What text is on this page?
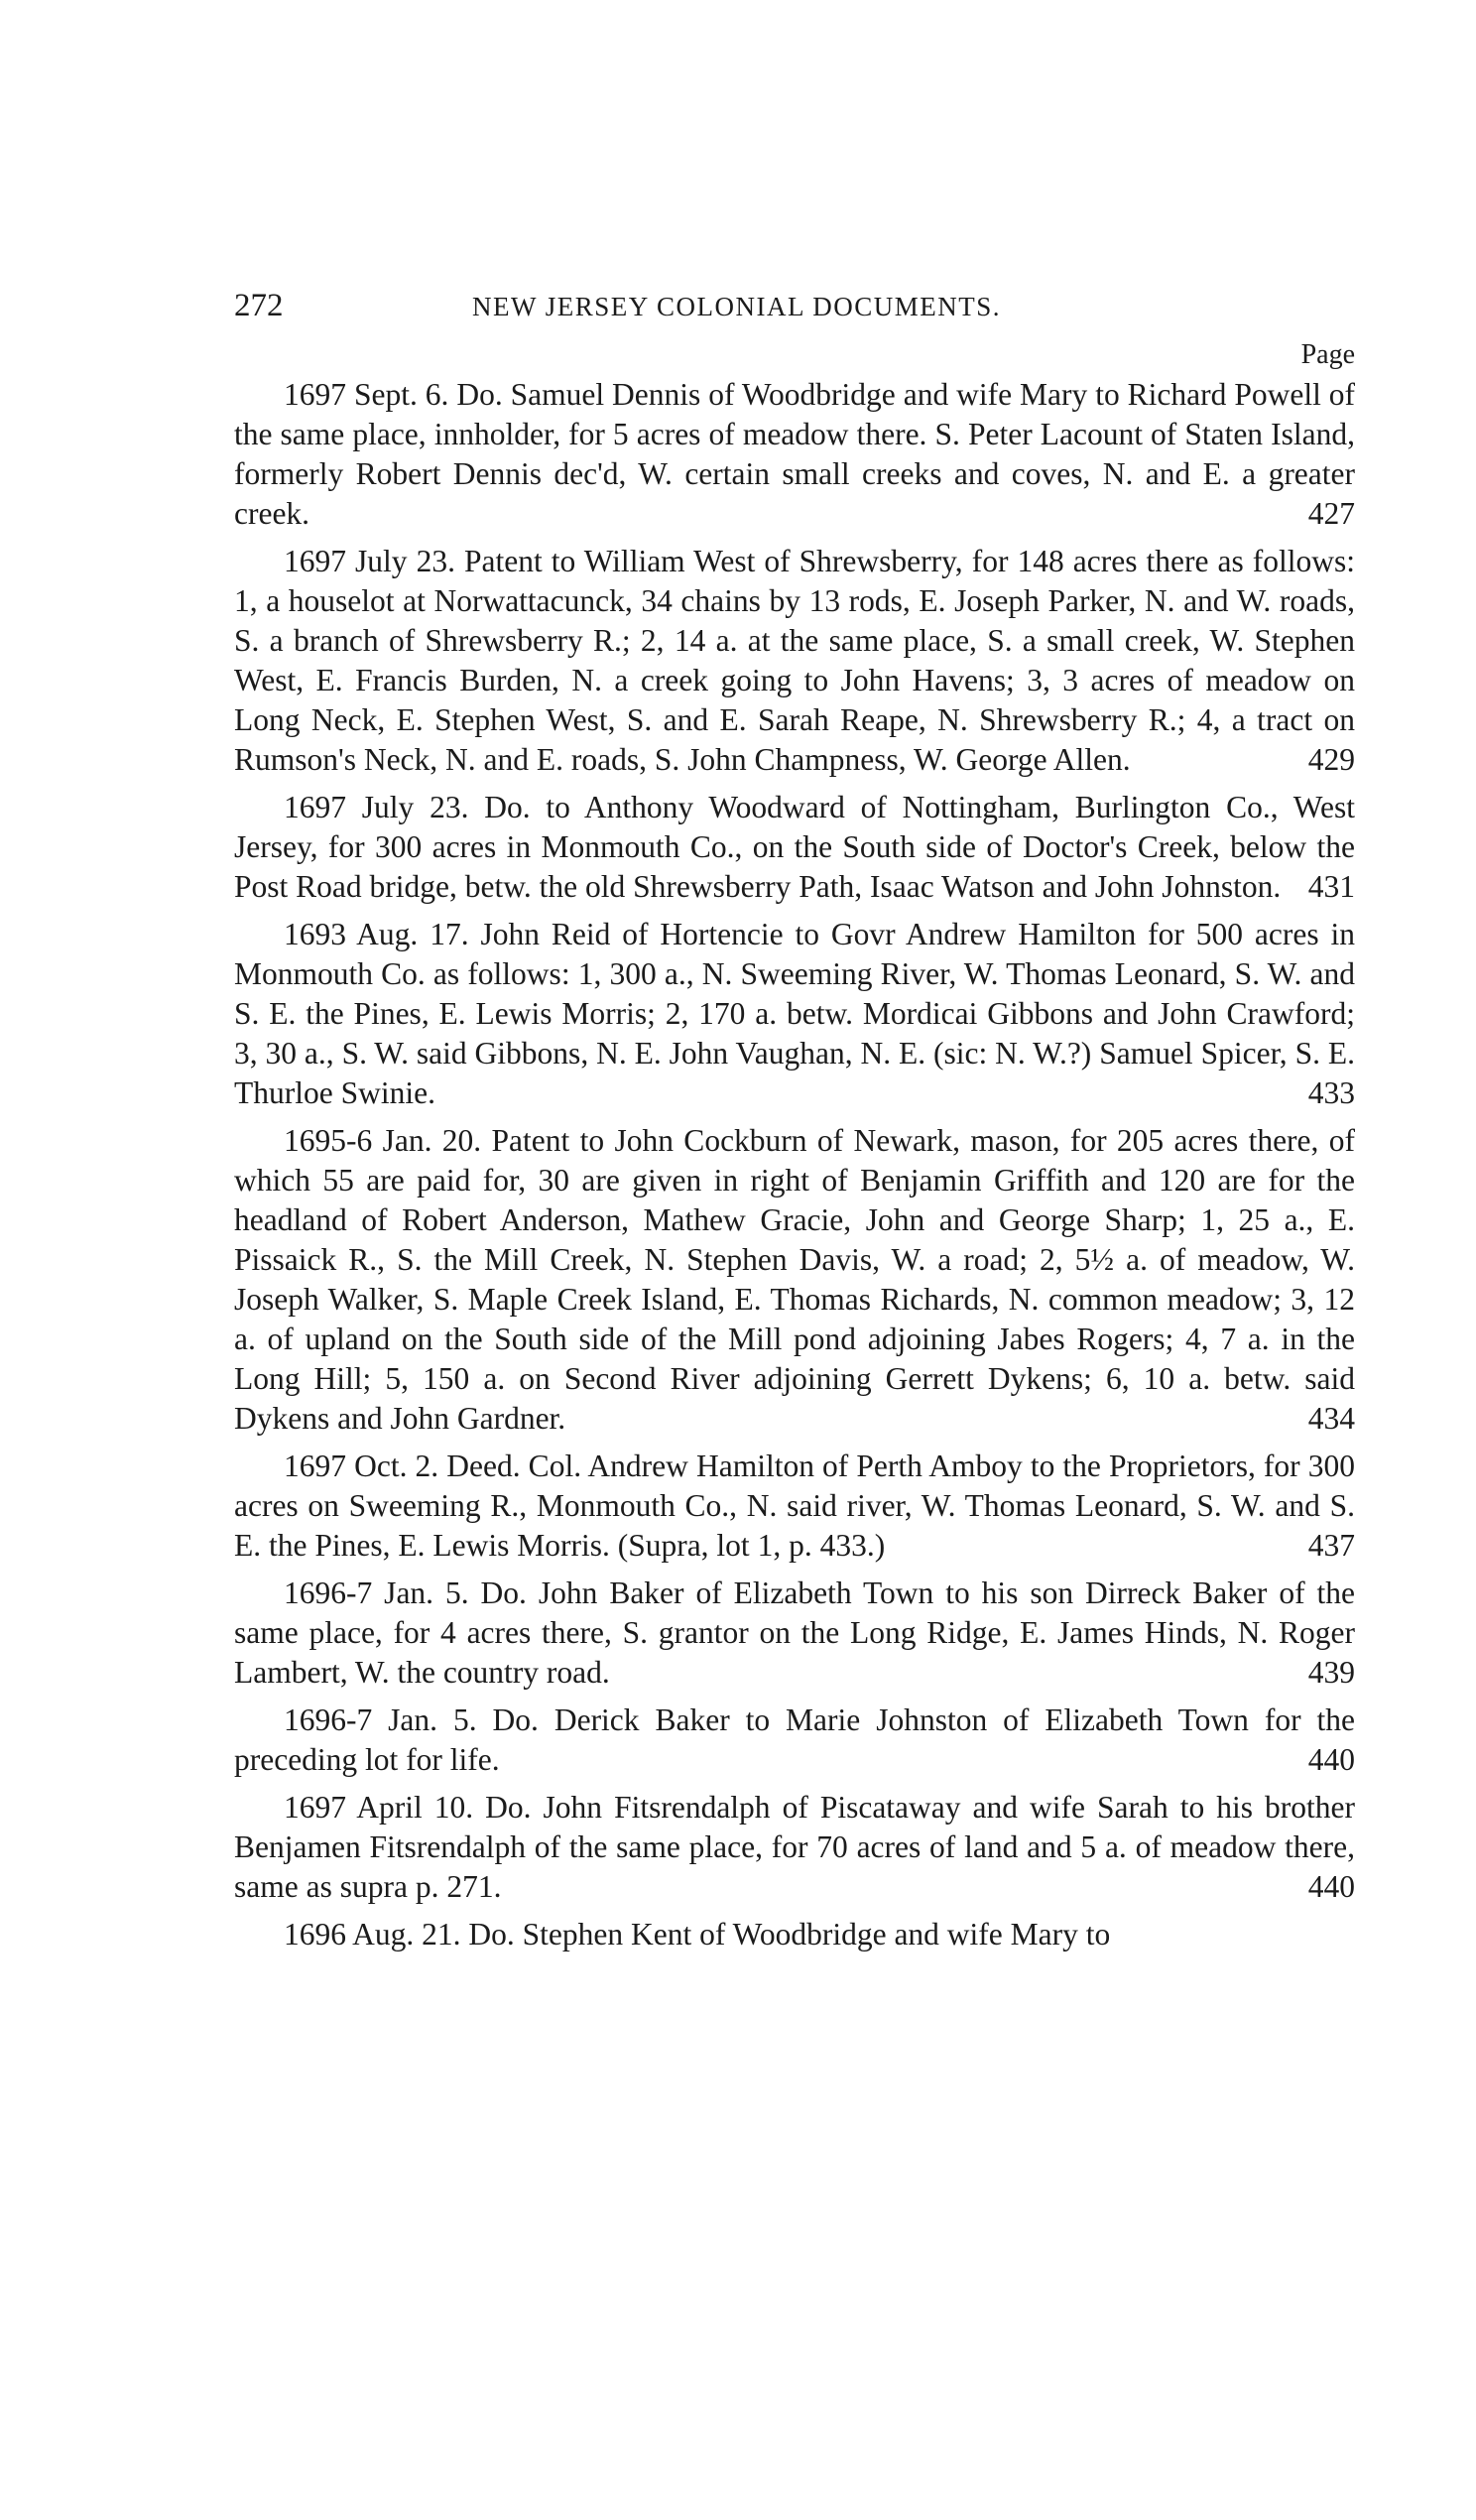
272	NEW JERSEY COLONIAL DOCUMENTS.
Page
1697 Sept. 6. Do. Samuel Dennis of Woodbridge and wife Mary to Richard Powell of the same place, innholder, for 5 acres of meadow there. S. Peter Lacount of Staten Island, formerly Robert Dennis dec'd, W. certain small creeks and coves, N. and E. a greater creek.	427
1697 July 23. Patent to William West of Shrewsberry, for 148 acres there as follows: 1, a houselot at Norwattacunck, 34 chains by 13 rods, E. Joseph Parker, N. and W. roads, S. a branch of Shrewsberry R.; 2, 14 a. at the same place, S. a small creek, W. Stephen West, E. Francis Burden, N. a creek going to John Havens; 3, 3 acres of meadow on Long Neck, E. Stephen West, S. and E. Sarah Reape, N. Shrewsberry R.; 4, a tract on Rumson's Neck, N. and E. roads, S. John Champness, W. George Allen.	429
1697 July 23. Do. to Anthony Woodward of Nottingham, Burlington Co., West Jersey, for 300 acres in Monmouth Co., on the South side of Doctor's Creek, below the Post Road bridge, betw. the old Shrewsberry Path, Isaac Watson and John Johnston. 431
1693 Aug. 17. John Reid of Hortencie to Govr Andrew Hamilton for 500 acres in Monmouth Co. as follows: 1, 300 a., N. Sweeming River, W. Thomas Leonard, S. W. and S. E. the Pines, E. Lewis Morris; 2, 170 a. betw. Mordicai Gibbons and John Crawford; 3, 30 a., S. W. said Gibbons, N. E. John Vaughan, N. E. (sic: N. W.?) Samuel Spicer, S. E. Thurloe Swinie.	433
1695-6 Jan. 20. Patent to John Cockburn of Newark, mason, for 205 acres there, of which 55 are paid for, 30 are given in right of Benjamin Griffith and 120 are for the headland of Robert Anderson, Mathew Gracie, John and George Sharp; 1, 25 a., E. Pissaick R., S. the Mill Creek, N. Stephen Davis, W. a road; 2, 5½ a. of meadow, W. Joseph Walker, S. Maple Creek Island, E. Thomas Richards, N. common meadow; 3, 12 a. of upland on the South side of the Mill pond adjoining Jabes Rogers; 4, 7 a. in the Long Hill; 5, 150 a. on Second River adjoining Gerrett Dykens; 6, 10 a. betw. said Dykens and John Gardner.	434
1697 Oct. 2. Deed. Col. Andrew Hamilton of Perth Amboy to the Proprietors, for 300 acres on Sweeming R., Monmouth Co., N. said river, W. Thomas Leonard, S. W. and S. E. the Pines, E. Lewis Morris. (Supra, lot 1, p. 433.)	437
1696-7 Jan. 5. Do. John Baker of Elizabeth Town to his son Dirreck Baker of the same place, for 4 acres there, S. grantor on the Long Ridge, E. James Hinds, N. Roger Lambert, W. the country road.	439
1696-7 Jan. 5. Do. Derick Baker to Marie Johnston of Elizabeth Town for the preceding lot for life.	440
1697 April 10. Do. John Fitsrendalph of Piscataway and wife Sarah to his brother Benjamen Fitsrendalph of the same place, for 70 acres of land and 5 a. of meadow there, same as supra p. 271.	440
1696 Aug. 21. Do. Stephen Kent of Woodbridge and wife Mary to
